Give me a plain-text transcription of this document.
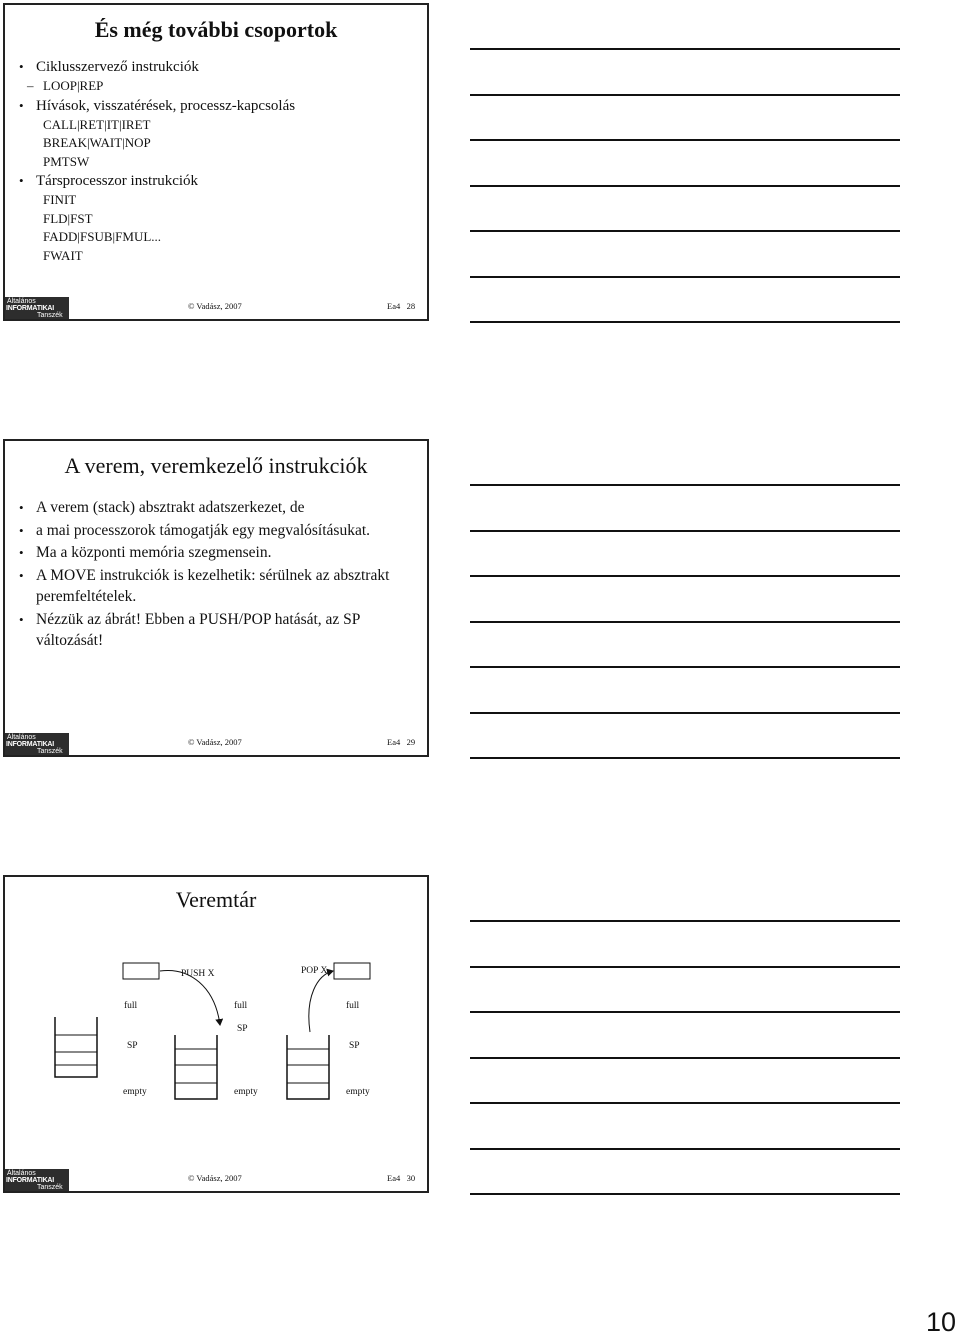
És még további csoportok
• Ciklusszervező instrukciók
– LOOP|REP
• Hívások, visszatérések, processz-kapcsolás
CALL|RET|IT|IRET
BREAK|WAIT|NOP
PMTSW
• Társprocesszor instrukciók
FINIT
FLD|FST
FADD|FSUB|FMUL...
FWAIT
Általános
INFORMATIKAI
Tanszék
© Vadász, 2007	Ea4   28
A verem, veremkezelő instrukciók
• A verem (stack) absztrakt adatszerkezet, de
• a mai processzorok támogatják egy megvalósításukat.
• Ma a központi memória szegmensein.
• A MOVE instrukciók is kezelhetik: sérülnek az absztrakt peremfeltételek.
• Nézzük az ábrát! Ebben a PUSH/POP hatását, az SP változását!
Általános
INFORMATIKAI
Tanszék
© Vadász, 2007	Ea4   29
Veremtár
PUSH X	POP X
full
SP
empty
full
SP
empty
full
SP
empty
Általános
INFORMATIKAI
Tanszék
© Vadász, 2007	Ea4   30
10
